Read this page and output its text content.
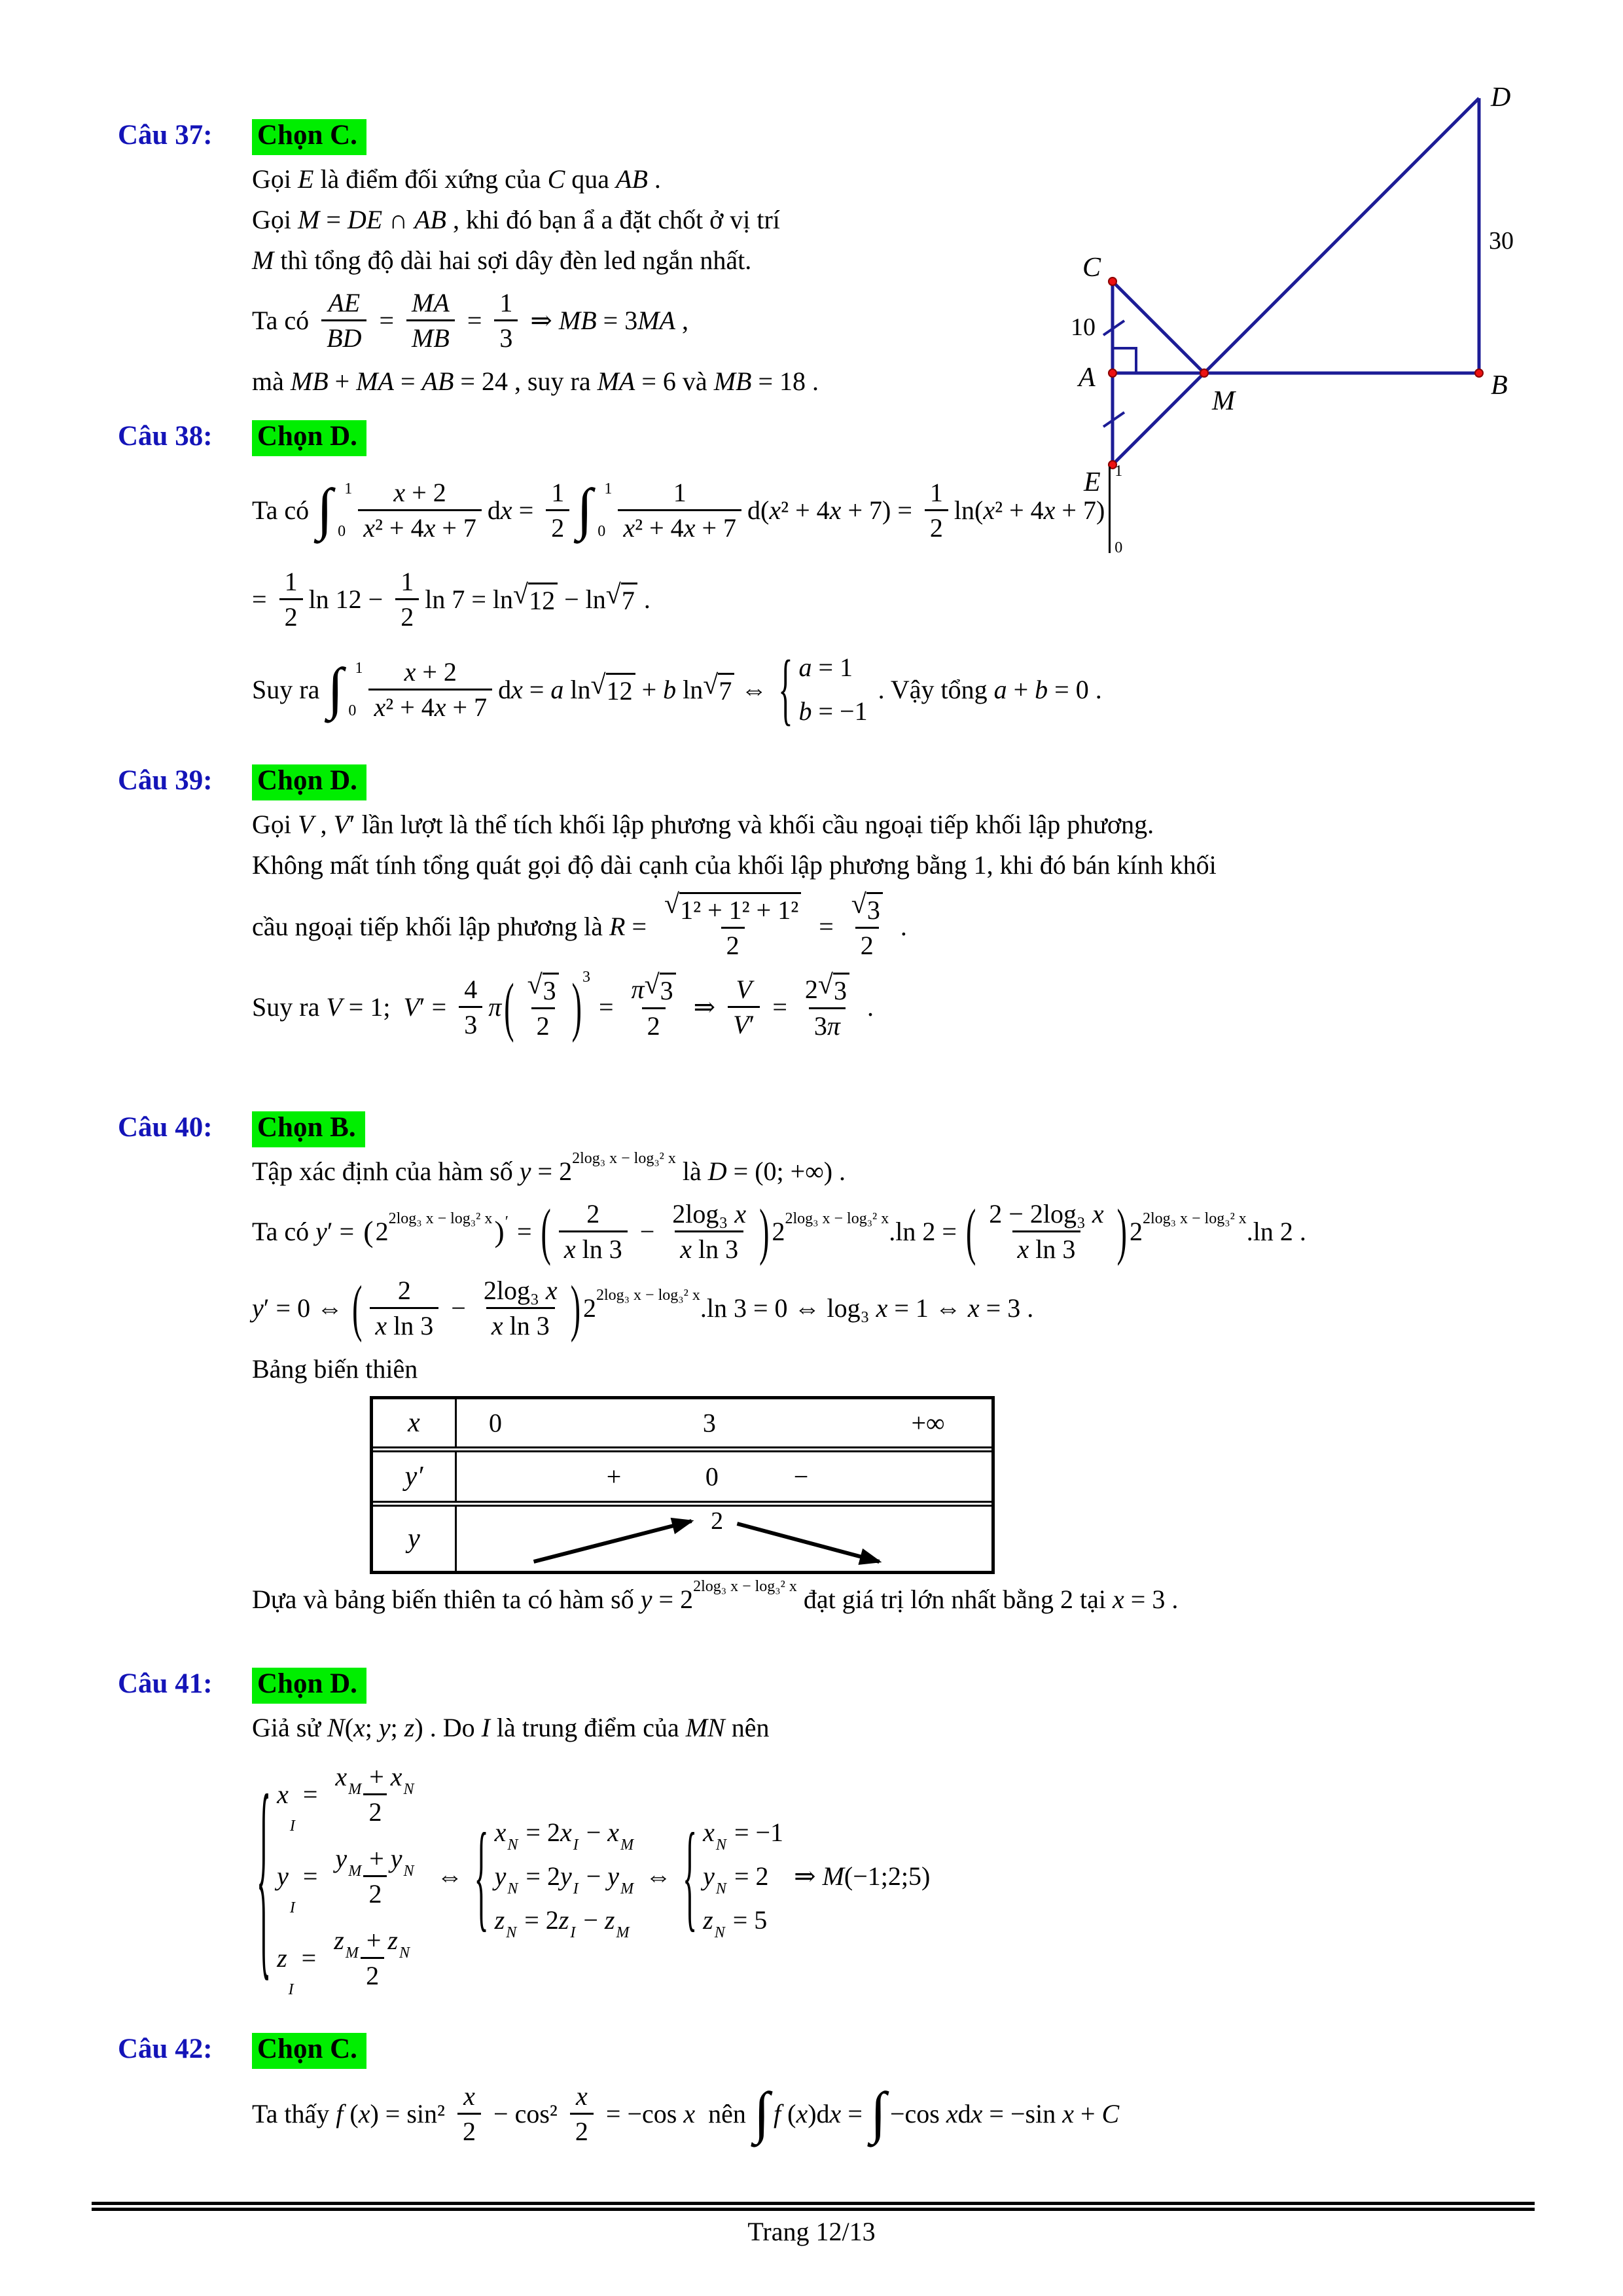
Câu 37:	Chọn C.
Gọi E là điểm đối xứng của C qua AB .
Gọi M = DE ∩ AB , khi đó bạn ẩ a đặt chốt ở vị trí
M thì tổng độ dài hai sợi dây đèn led ngắn nhất.
Ta có $\frac{AE}{BD} = \frac{MA}{MB} = \frac{1}{3}$ ⇒ MB = 3 MA ,
mà MB + MA = AB = 24 , suy ra MA = 6 và MB = 18 .
D
30
C
10
A
M
B
E
Câu 38:	Chọn D.
Ta có ∫ 1
$0 \frac{x + 2}{\text{x ² + 4 x + 7}}$ d $x = \frac{1}{2}$ ∫ 1
$0 \frac{1}{\text{x ² + 4 x + 7}} d$( x ² + 4 $x + 7) = \frac{1}{2} \ln$( x ² + 4 x + 7)
1
0
= $\frac{1}{2}$ $\ln 12 - \frac{1}{2}$ ln 7 = ln √ 12 − ln √ 7 .
Suy ra ∫ 1
$0 \frac{x + 2}{\text{x ² + 4 x + 7}}$ d x = a ln √ 12 + b ln √ 7 ⇔ { a = 1
b = −1
. Vậy tổng a + b = 0 .
Câu 39:	Chọn D.
Gọi V , V ′ lần lượt là thể tích khối lập phương và khối cầu ngoại tiếp khối lập phương.
Không mất tính tổng quát gọi độ dài cạnh của khối lập phương bằng 1, khi đó bán kính khối
cầu ngoại tiếp khối lập phương là $R = \frac{\text{√ 1² + 1² + 1²}}{2} = \frac{√ 3}{2}$ .
Suy ra V = 1; V ′ = $\frac{4}{3}$ π ( $\frac{√ 3}{2}$ ) 3
= $\frac{\pi √ 3}{2}$ ⇒ $\frac{V}{V '} = \frac{2 √ 3}{3 \pi}$ .
Câu 40:	Chọn B.
Tập xác định của hàm số y = 2 2log₃ x − log₃² x là D = (0; +∞) .
Ta có y ′ = ( 2 2log₃ x − log₃² x ) ′ = ( $\frac{2}{\text{x ln 3}} - \frac{\text{2log₃ x}}{\text{x ln 3}}$ ) 2 2log₃ x − log₃² x .ln 2 = ( $\frac{\text{2 − 2log₃ x}}{\text{x ln 3}}$ ) 2 2log₃ x − log₃² x .ln 2 .
y ′ = 0 ⇔ ( $\frac{2}{\text{x ln 3}} - \frac{\text{2log₃ x}}{\text{x ln 3}}$ ) 2 2log₃ x − log₃² x .ln 3 = 0 ⇔ log₃ x = 1 ⇔ x = 3 .
Bảng biến thiên
x	0	3	+∞
y′	+	0	−
y
2
Dựa và bảng biến thiên ta có hàm số y = 2 2log₃ x − log₃² x đạt giá trị lớn nhất bằng 2 tại x = 3 .
Câu 41:	Chọn D.
Giả sử N ( x ; y ; z ) . Do I là trung điểm của MN nên
{ x
I
= $\frac{\text{x M + x N}}{2}$
y
I
= $\frac{\text{y M + y N}}{2}$
z
I
= $\frac{\text{z M + z N}}{2}$
⇔ { x N = 2 x I − x M
y N = 2 y I − y M
z N = 2 z I − z M
⇔ { x N = −1
y N = 2
z N = 5
⇒ M (−1;2;5)
Câu 42:	Chọn C.
Ta thấy f ( x ) = $\sin^2 \frac{x}{2} - \cos^2 \frac{x}{2} = -\cos$ x nên ∫ f ( x )d x = ∫ −cos x d x = −sin x + C
Trang 12/13
